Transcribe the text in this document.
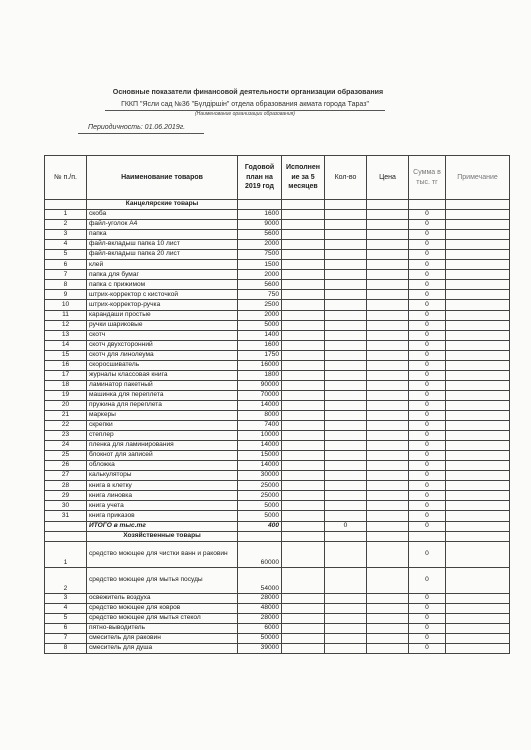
Основные показатели финансовой деятельности организации образования
ГККП "Ясли сад №36 "Бүлдіршін" отдела образования акмата города Тараз"
(Наименование организации образования)
Периодичность: 01.06.2019г.
№ п./п.	Наименование товаров	Годовой план на 2019 год	Исполнен ие за 5 месяцев	Кол-во	Цена	Сумма в тыс. тг	Примечание
	Канцелярские товары						
1	скоба	1600				0	
2	файл-уголок А4	9000				0	
3	папка	5600				0	
4	файл-вкладыш папка 10 лист	2000				0	
5	файл-вкладыш папка 20 лист	7500				0	
6	клей	1500				0	
7	папка для бумаг	2000				0	
8	папка с прижимом	5600				0	
9	штрих-корректор с кисточкой	750				0	
10	штрих-корректор-ручка	2500				0	
11	карандаши простые	2000				0	
12	ручки шариковые	5000				0	
13	скотч	1400				0	
14	скотч двухсторонний	1600				0	
15	скотч для линолеума	1750				0	
16	скоросшиватель	16000				0	
17	журналы классовая книга	1800				0	
18	ламинатор пакетный	90000				0	
19	машинка для переплета	70000				0	
20	пружина для переплета	14000				0	
21	маркеры	8000				0	
22	скрепки	7400				0	
23	степлер	10000				0	
24	пленка для ламинирования	14000				0	
25	блокнот для записей	15000				0	
26	обложка	14000				0	
27	калькуляторы	30000				0	
28	книга в клетку	25000				0	
29	книга линовка	25000				0	
30	книга учета	5000				0	
31	книга приказов	5000				0	
	ИТОГО в тыс.тг	400		0		0	
	Хозяйственные товары						
1	средство моющее для чистки ванн и раковин	60000				0	
2	средство моющее для мытья посуды	54000				0	
3	освежитель воздуха	28000				0	
4	средство моющее для ковров	48000				0	
5	средство моющее для мытья стекол	28000				0	
6	пятно-выводитель	6000				0	
7	смеситель для раковин	50000				0	
8	смеситель для душа	39000				0	
